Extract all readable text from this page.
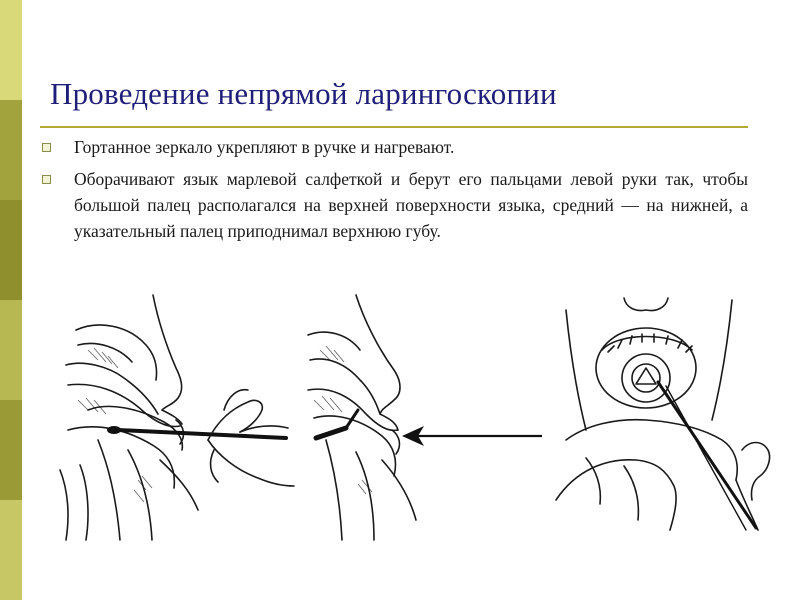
Проведение непрямой ларингоскопии
Гортанное зеркало укрепляют в ручке и нагревают.
Оборачивают язык марлевой салфеткой и берут его пальцами левой руки так, чтобы большой палец располагался на верхней поверхности языка, средний — на нижней, а указательный палец приподнимал верхнюю губу.
